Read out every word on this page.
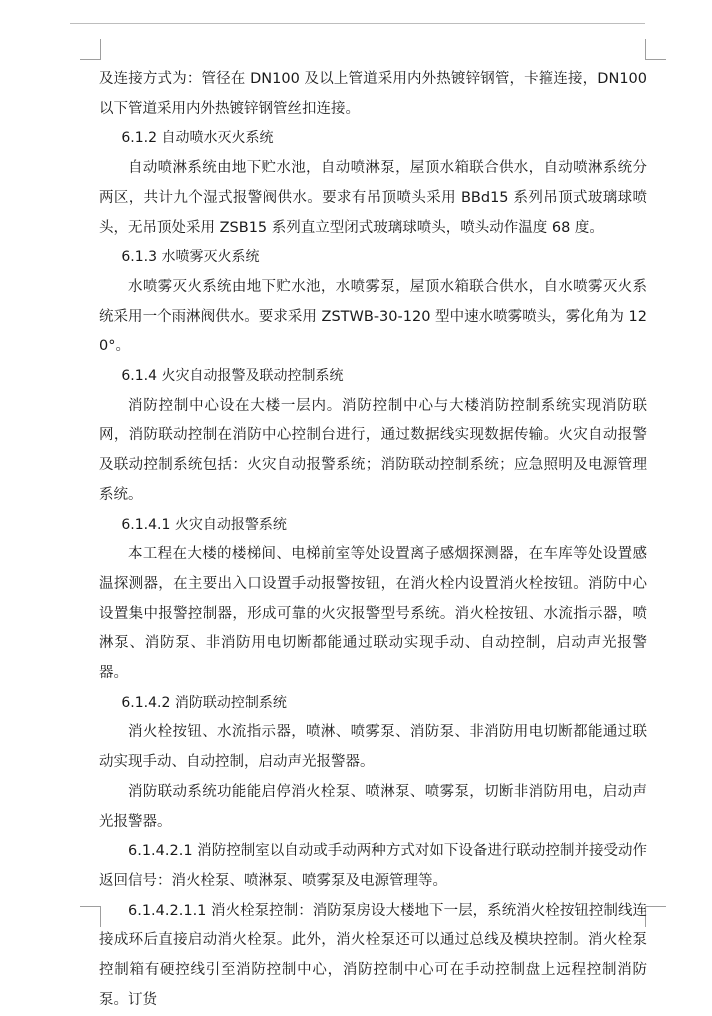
及连接方式为：管径在 DN100 及以上管道采用内外热镀锌钢管，卡箍连接，DN100 以下管道采用内外热镀锌钢管丝扣连接。

6.1.2 自动喷水灭火系统

自动喷淋系统由地下贮水池，自动喷淋泵，屋顶水箱联合供水，自动喷淋系统分两区，共计九个湿式报警阀供水。要求有吊顶喷头采用 BBd15 系列吊顶式玻璃球喷头，无吊顶处采用 ZSB15 系列直立型闭式玻璃球喷头，喷头动作温度 68 度。

6.1.3 水喷雾灭火系统

水喷雾灭火系统由地下贮水池，水喷雾泵，屋顶水箱联合供水，自水喷雾灭火系统采用一个雨淋阀供水。要求采用 ZSTWB-30-120 型中速水喷雾喷头，雾化角为 120°。

6.1.4 火灾自动报警及联动控制系统

消防控制中心设在大楼一层内。消防控制中心与大楼消防控制系统实现消防联网，消防联动控制在消防中心控制台进行，通过数据线实现数据传输。火灾自动报警及联动控制系统包括：火灾自动报警系统；消防联动控制系统；应急照明及电源管理系统。

6.1.4.1 火灾自动报警系统

本工程在大楼的楼梯间、电梯前室等处设置离子感烟探测器，在车库等处设置感温探测器，在主要出入口设置手动报警按钮，在消火栓内设置消火栓按钮。消防中心设置集中报警控制器，形成可靠的火灾报警型号系统。消火栓按钮、水流指示器，喷淋泵、消防泵、非消防用电切断都能通过联动实现手动、自动控制，启动声光报警器。

6.1.4.2 消防联动控制系统

消火栓按钮、水流指示器，喷淋、喷雾泵、消防泵、非消防用电切断都能通过联动实现手动、自动控制，启动声光报警器。

消防联动系统功能能启停消火栓泵、喷淋泵、喷雾泵，切断非消防用电，启动声光报警器。

6.1.4.2.1 消防控制室以自动或手动两种方式对如下设备进行联动控制并接受动作返回信号：消火栓泵、喷淋泵、喷雾泵及电源管理等。

6.1.4.2.1.1 消火栓泵控制：消防泵房设大楼地下一层，系统消火栓按钮控制线连接成环后直接启动消火栓泵。此外，消火栓泵还可以通过总线及模块控制。消火栓泵控制箱有硬控线引至消防控制中心，消防控制中心可在手动控制盘上远程控制消防泵。订货
